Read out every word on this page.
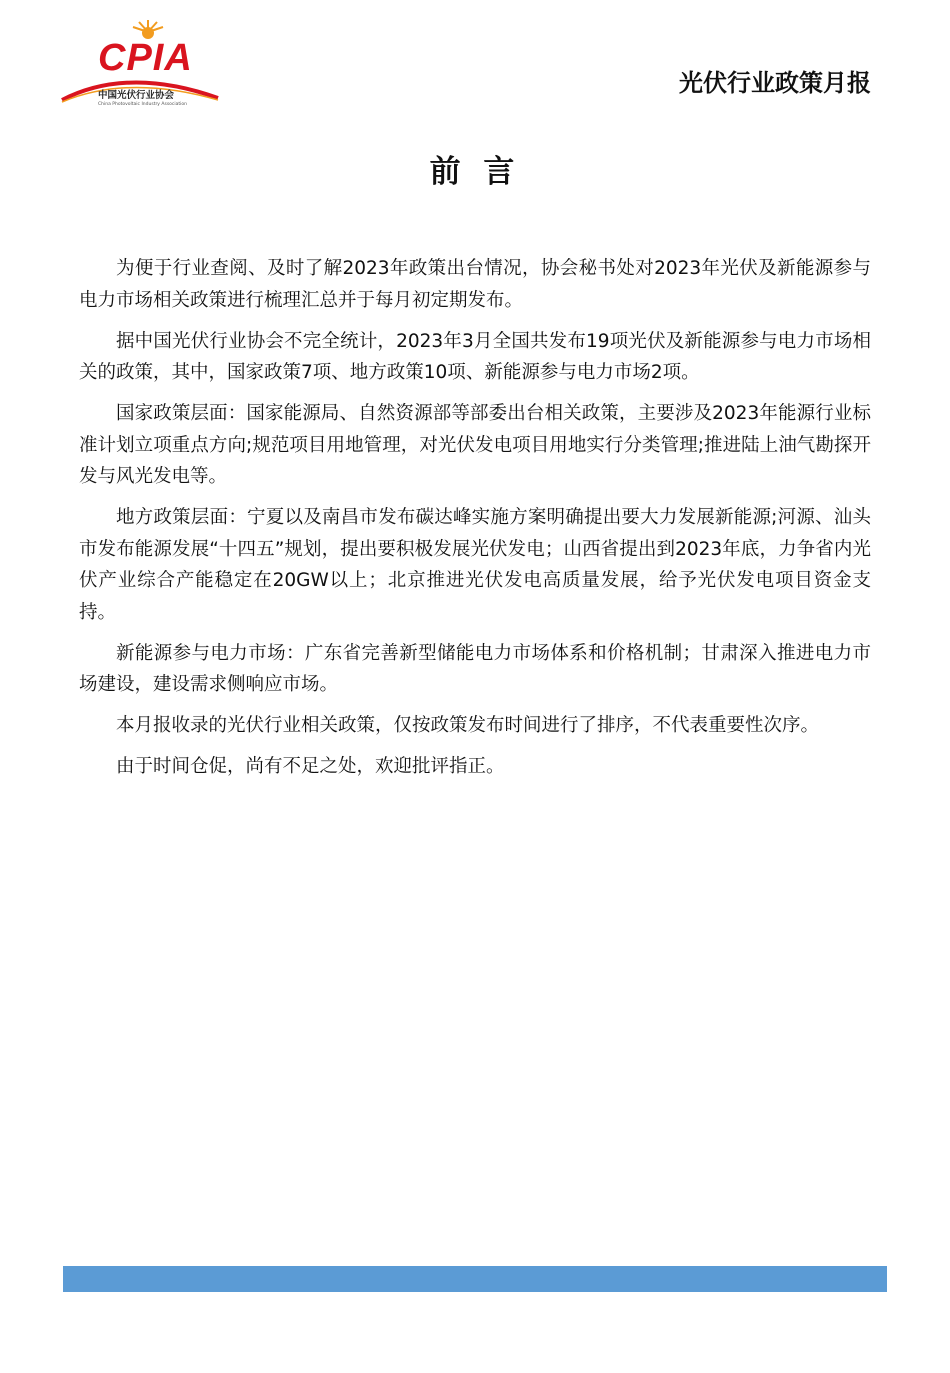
CPIA
中国光伏行业协会
China Photovoltaic Industry Association
光伏行业政策月报
前 言

为便于行业查阅、及时了解2023年政策出台情况，协会秘书处对2023年光伏及新能源参与电力市场相关政策进行梳理汇总并于每月初定期发布。

据中国光伏行业协会不完全统计，2023年3月全国共发布19项光伏及新能源参与电力市场相关的政策，其中，国家政策7项、地方政策10项、新能源参与电力市场2项。

国家政策层面：国家能源局、自然资源部等部委出台相关政策，主要涉及2023年能源行业标准计划立项重点方向;规范项目用地管理，对光伏发电项目用地实行分类管理;推进陆上油气勘探开发与风光发电等。

地方政策层面：宁夏以及南昌市发布碳达峰实施方案明确提出要大力发展新能源;河源、汕头市发布能源发展“十四五”规划，提出要积极发展光伏发电；山西省提出到2023年底，力争省内光伏产业综合产能稳定在20GW以上；北京推进光伏发电高质量发展，给予光伏发电项目资金支持。

新能源参与电力市场：广东省完善新型储能电力市场体系和价格机制；甘肃深入推进电力市场建设，建设需求侧响应市场。

本月报收录的光伏行业相关政策，仅按政策发布时间进行了排序，不代表重要性次序。

由于时间仓促，尚有不足之处，欢迎批评指正。
